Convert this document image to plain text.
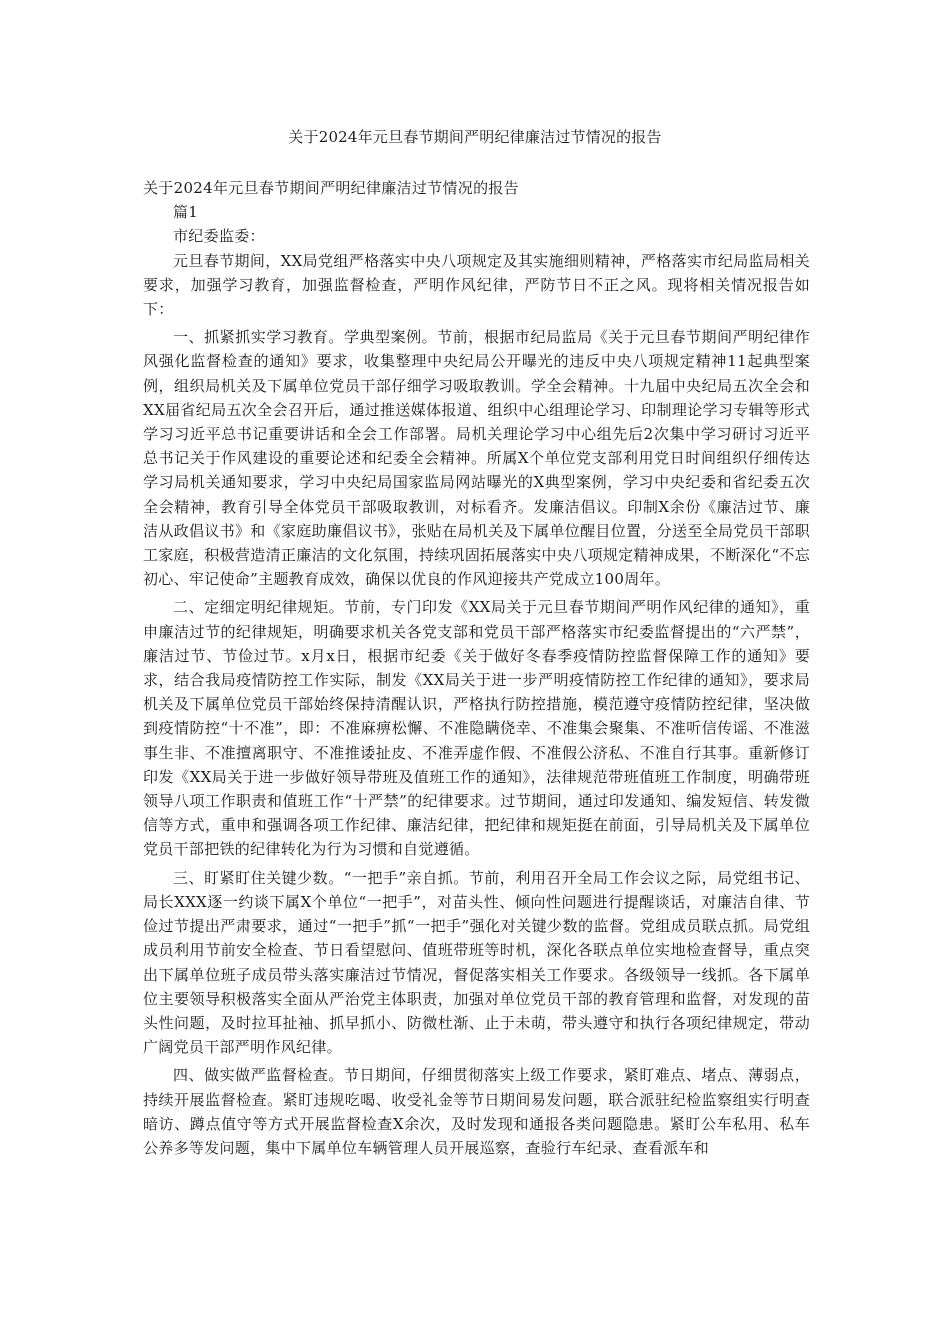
关于2024年元旦春节期间严明纪律廉洁过节情况的报告

关于2024年元旦春节期间严明纪律廉洁过节情况的报告

篇1

市纪委监委：

元旦春节期间，XX局党组严格落实中央八项规定及其实施细则精神，严格落实市纪局监局相关要求，加强学习教育，加强监督检查，严明作风纪律，严防节日不正之风。现将相关情况报告如下：

一、抓紧抓实学习教育。学典型案例。节前，根据市纪局监局《关于元旦春节期间严明纪律作风强化监督检查的通知》要求，收集整理中央纪局公开曝光的违反中央八项规定精神11起典型案例，组织局机关及下属单位党员干部仔细学习吸取教训。学全会精神。十九届中央纪局五次全会和XX届省纪局五次全会召开后，通过推送媒体报道、组织中心组理论学习、印制理论学习专辑等形式学习习近平总书记重要讲话和全会工作部署。局机关理论学习中心组先后2次集中学习研讨习近平总书记关于作风建设的重要论述和纪委全会精神。所属X个单位党支部利用党日时间组织仔细传达学习局机关通知要求，学习中央纪局国家监局网站曝光的X典型案例，学习中央纪委和省纪委五次全会精神，教育引导全体党员干部吸取教训，对标看齐。发廉洁倡议。印制X余份《廉洁过节、廉洁从政倡议书》和《家庭助廉倡议书》，张贴在局机关及下属单位醒目位置，分送至全局党员干部职工家庭，积极营造清正廉洁的文化氛围，持续巩固拓展落实中央八项规定精神成果，不断深化“不忘初心、牢记使命”主题教育成效，确保以优良的作风迎接共产党成立100周年。

二、定细定明纪律规矩。节前，专门印发《XX局关于元旦春节期间严明作风纪律的通知》，重申廉洁过节的纪律规矩，明确要求机关各党支部和党员干部严格落实市纪委监督提出的“六严禁”，廉洁过节、节俭过节。x月x日，根据市纪委《关于做好冬春季疫情防控监督保障工作的通知》要求，结合我局疫情防控工作实际，制发《XX局关于进一步严明疫情防控工作纪律的通知》，要求局机关及下属单位党员干部始终保持清醒认识，严格执行防控措施，模范遵守疫情防控纪律，坚决做到疫情防控“十不准”，即：不准麻痹松懈、不准隐瞒侥幸、不准集会聚集、不准听信传谣、不准滋事生非、不准擅离职守、不准推诿扯皮、不准弄虚作假、不准假公济私、不准自行其事。重新修订印发《XX局关于进一步做好领导带班及值班工作的通知》，法律规范带班值班工作制度，明确带班领导八项工作职责和值班工作“十严禁”的纪律要求。过节期间，通过印发通知、编发短信、转发微信等方式，重申和强调各项工作纪律、廉洁纪律，把纪律和规矩挺在前面，引导局机关及下属单位党员干部把铁的纪律转化为行为习惯和自觉遵循。

三、盯紧盯住关键少数。“一把手”亲自抓。节前，利用召开全局工作会议之际，局党组书记、局长XXX逐一约谈下属X个单位“一把手”，对苗头性、倾向性问题进行提醒谈话，对廉洁自律、节俭过节提出严肃要求，通过“一把手”抓“一把手”强化对关键少数的监督。党组成员联点抓。局党组成员利用节前安全检查、节日看望慰问、值班带班等时机，深化各联点单位实地检查督导，重点突出下属单位班子成员带头落实廉洁过节情况，督促落实相关工作要求。各级领导一线抓。各下属单位主要领导积极落实全面从严治党主体职责，加强对单位党员干部的教育管理和监督，对发现的苗头性问题，及时拉耳扯袖、抓早抓小、防微杜渐、止于未萌，带头遵守和执行各项纪律规定，带动广阔党员干部严明作风纪律。

四、做实做严监督检查。节日期间，仔细贯彻落实上级工作要求，紧盯难点、堵点、薄弱点，持续开展监督检查。紧盯违规吃喝、收受礼金等节日期间易发问题，联合派驻纪检监察组实行明查暗访、蹲点值守等方式开展监督检查X余次，及时发现和通报各类问题隐患。紧盯公车私用、私车公养多等发问题，集中下属单位车辆管理人员开展巡察，查验行车纪录、查看派车和
